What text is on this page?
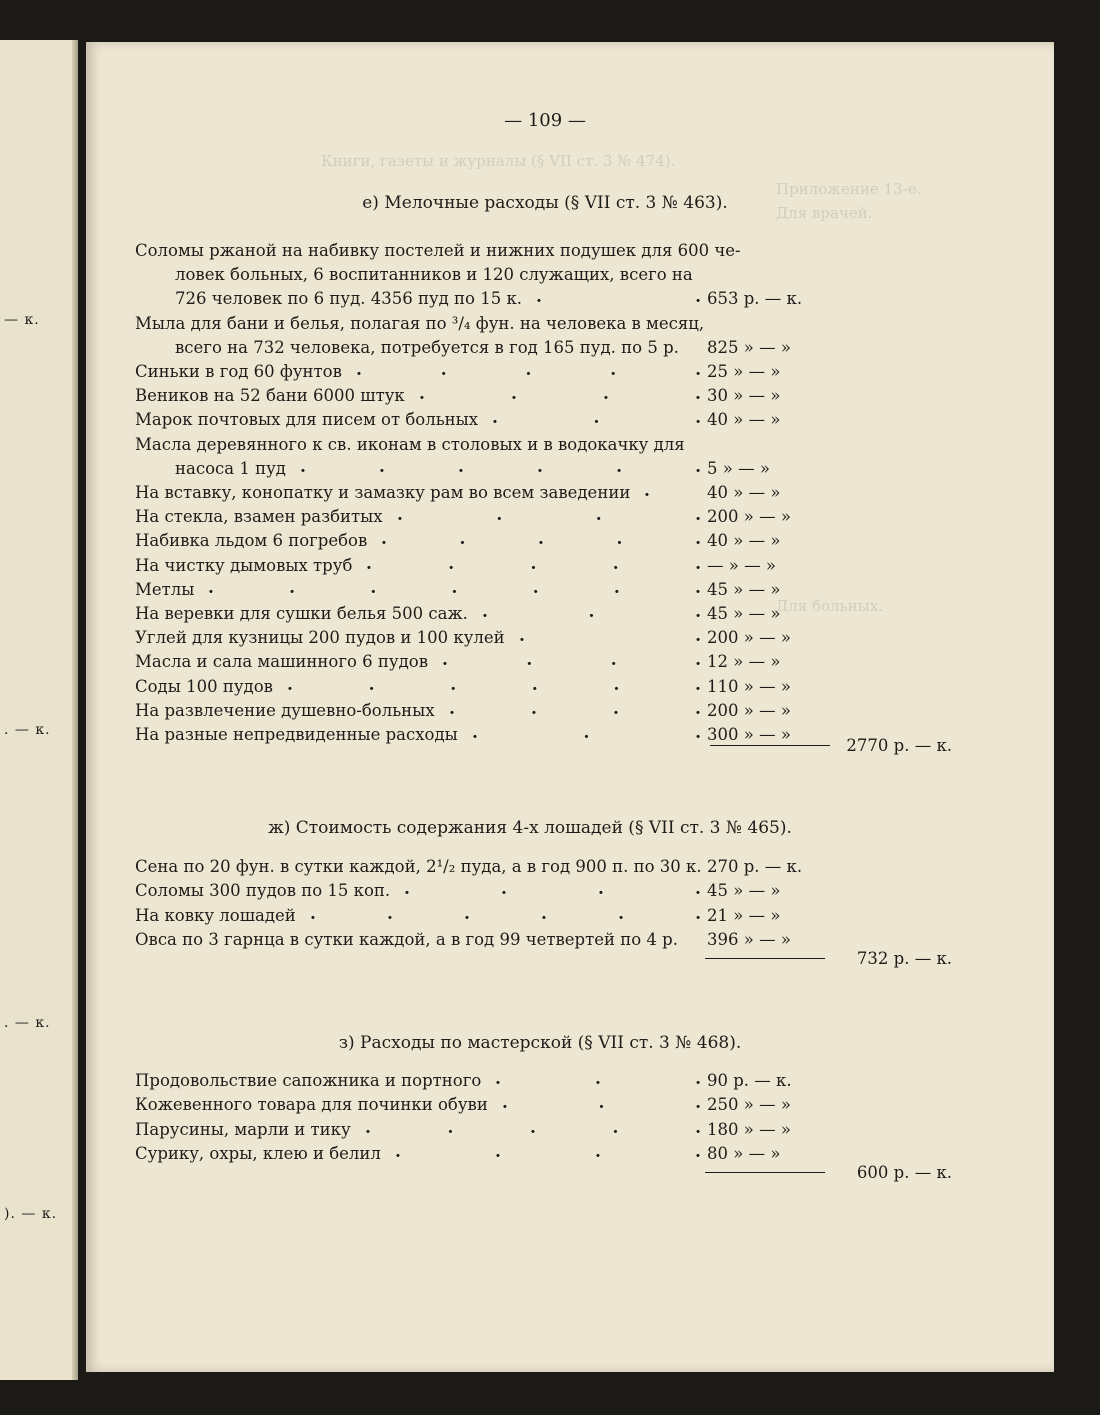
— к.
. — к.
. — к.
). — к.
Приложение 13-е.
Книги, газеты и журналы (§ VII ст. 3 № 474).
Для врачей.
Для больных.
— 109 —
е) Мелочные расходы (§ VII ст. 3 № 463).
Соломы ржаной на набивку постелей и нижних подушек для 600 че-
ловек больных, 6 воспитанников и 120 служащих, всего на
726 человек по 6 пуд. 4356 пуд по 15 к.	653 р. — к.
.	.
Мыла для бани и белья, полагая по ³/₄ фун. на человека в месяц,
всего на 732 человека, потребуется в год 165 пуд. по 5 р. 825 » — »
Синьки в год 60 фунтов	25 » — »
.	.	.	.	.
Веников на 52 бани 6000 штук	30 » — »
.	.	.	.
Марок почтовых для писем от больных	40 » — »
.	.	.
Масла деревянного к св. иконам в столовых и в водокачку для
насоса 1 пуд	5 » — »
.	.	.	.	.	.
На вставку, конопатку и замазку рам во всем заведении	40 » — »
.
На стекла, взамен разбитых	200 » — »
.	.	.	.
Набивка льдом 6 погребов	40 » — »
.	.	.	.	.
На чистку дымовых труб	— » — »
.	.	.	.	.
Метлы	45 » — »
.	.	.	.	.	.	.
На веревки для сушки белья 500 саж.	45 » — »
.	.	.
Углей для кузницы 200 пудов и 100 кулей	200 » — »
.	.
Масла и сала машинного 6 пудов	12 » — »
.	.	.	.
Соды 100 пудов	110 » — »
.	.	.	.	.	.
На развлечение душевно-больных	200 » — »
.	.	.	.
На разные непредвиденные расходы	300 » — »
.	.	.
2770 р. — к.
ж) Стоимость содержания 4-х лошадей (§ VII ст. 3 № 465).
Сена по 20 фун. в сутки каждой, 2¹/₂ пуда, а в год 900 п. по 30 к. 270 р. — к.
Соломы 300 пудов по 15 коп.	45 » — »
.	.	.	.
На ковку лошадей	21 » — »
.	.	.	.	.	.
Овса по 3 гарнца в сутки каждой, а в год 99 четвертей по 4 р. 396 » — »
732 р. — к.
з) Расходы по мастерской (§ VII ст. 3 № 468).
Продовольствие сапожника и портного	90 р. — к.
.	.	.
Кожевенного товара для починки обуви	250 » — »
.	.	.
Парусины, марли и тику	180 » — »
.	.	.	.	.
Сурику, охры, клею и белил	80 » — »
.	.	.	.
600 р. — к.
